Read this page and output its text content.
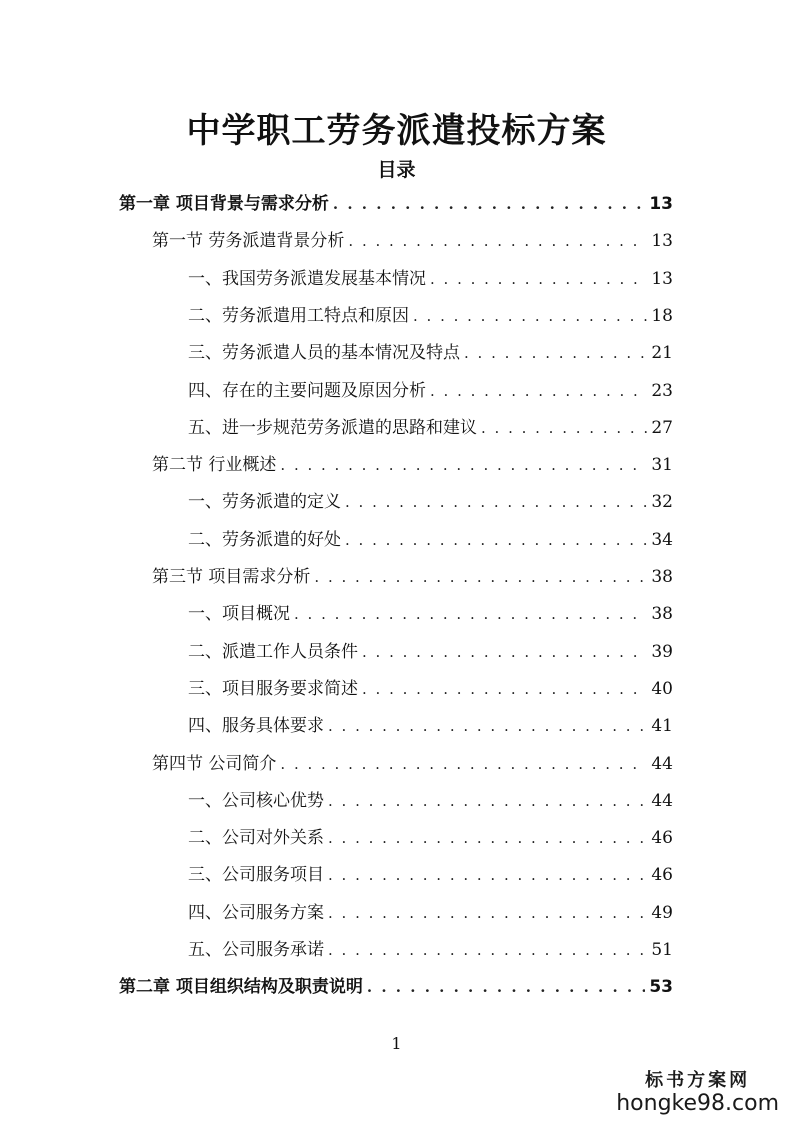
中学职工劳务派遣投标方案
目录
第一章 项目背景与需求分析 . . .	13
第一节 劳务派遣背景分析 . . .	13
一、我国劳务派遣发展基本情况 . . .	13
二、劳务派遣用工特点和原因 . . .	18
三、劳务派遣人员的基本情况及特点 . . .	21
四、存在的主要问题及原因分析 . . .	23
五、进一步规范劳务派遣的思路和建议 . . .	27
第二节 行业概述 . . .	31
一、劳务派遣的定义 . . .	32
二、劳务派遣的好处 . . .	34
第三节 项目需求分析 . . .	38
一、项目概况 . . .	38
二、派遣工作人员条件 . . .	39
三、项目服务要求简述 . . .	40
四、服务具体要求 . . .	41
第四节 公司简介 . . .	44
一、公司核心优势 . . .	44
二、公司对外关系 . . .	46
三、公司服务项目 . . .	46
四、公司服务方案 . . .	49
五、公司服务承诺 . . .	51
第二章 项目组织结构及职责说明 . . .	53
1
标书方案网
hongke98.com
